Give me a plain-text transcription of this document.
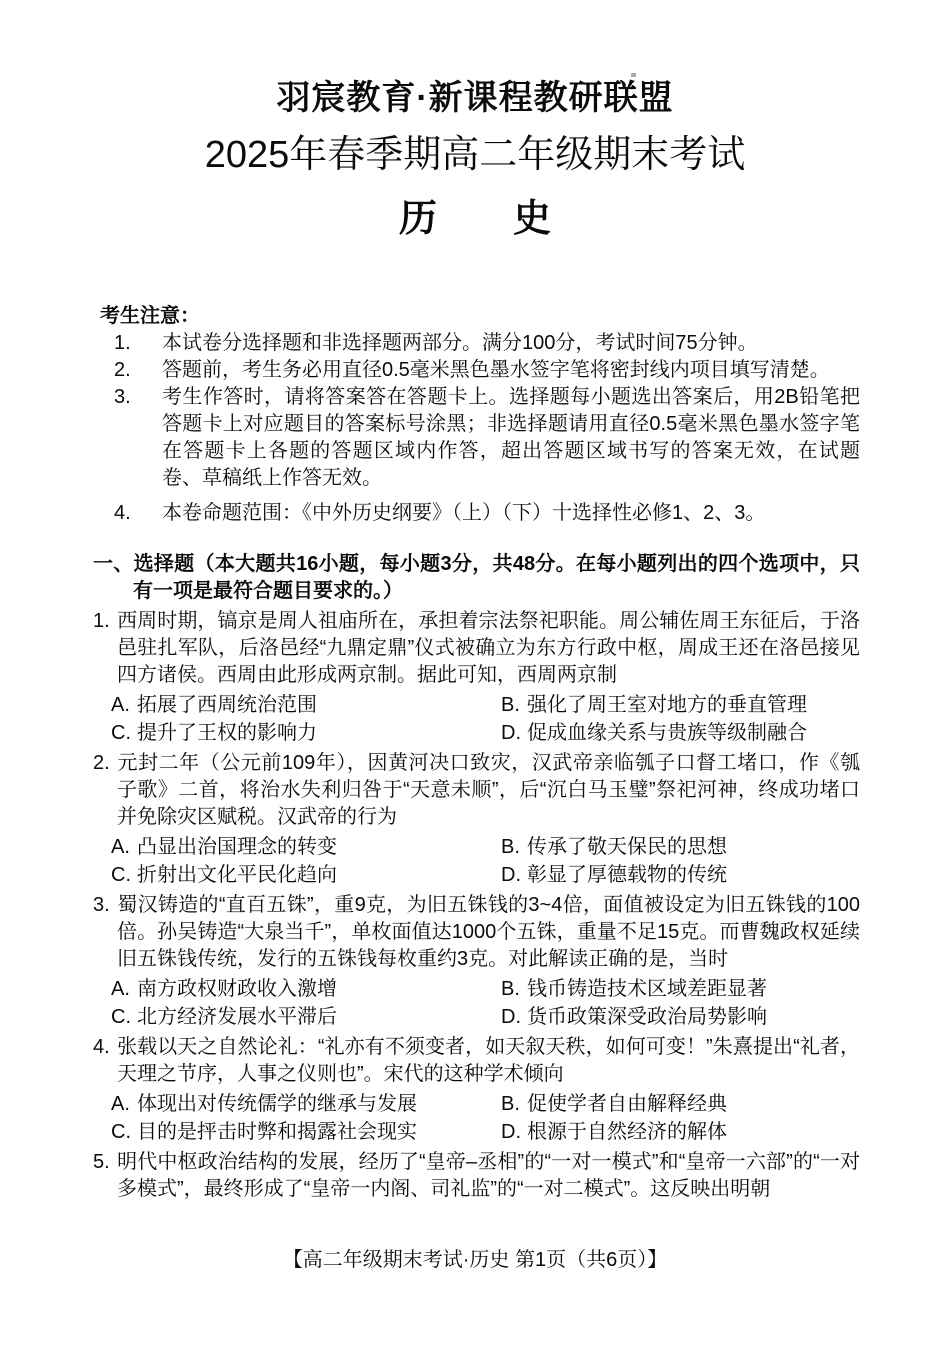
羽宸教育·新课程教研联盟
2025年春季期高二年级期末考试
历　　史
考生注意：
1. 本试卷分选择题和非选择题两部分。满分100分，考试时间75分钟。
2. 答题前，考生务必用直径0.5毫米黑色墨水签字笔将密封线内项目填写清楚。
3. 考生作答时，请将答案答在答题卡上。选择题每小题选出答案后，用2B铅笔把答题卡上对应题目的答案标号涂黑；非选择题请用直径0.5毫米黑色墨水签字笔在答题卡上各题的答题区域内作答，超出答题区域书写的答案无效，在试题卷、草稿纸上作答无效。
4. 本卷命题范围：《中外历史纲要》（上）（下）十选择性必修1、2、3。
一、选择题（本大题共16小题，每小题3分，共48分。在每小题列出的四个选项中，只有一项是最符合题目要求的。）
1. 西周时期，镐京是周人祖庙所在，承担着宗法祭祀职能。周公辅佐周王东征后，于洛邑驻扎军队，后洛邑经“九鼎定鼎”仪式被确立为东方行政中枢，周成王还在洛邑接见四方诸侯。西周由此形成两京制。据此可知，西周两京制
A. 拓展了西周统治范围	B. 强化了周王室对地方的垂直管理
C. 提升了王权的影响力	D. 促成血缘关系与贵族等级制融合
2. 元封二年（公元前109年），因黄河决口致灾，汉武帝亲临瓠子口督工堵口，作《瓠子歌》二首，将治水失利归咎于“天意未顺”，后“沉白马玉璧”祭祀河神，终成功堵口并免除灾区赋税。汉武帝的行为
A. 凸显出治国理念的转变	B. 传承了敬天保民的思想
C. 折射出文化平民化趋向	D. 彰显了厚德载物的传统
3. 蜀汉铸造的“直百五铢”，重9克，为旧五铢钱的3~4倍，面值被设定为旧五铢钱的100倍。孙吴铸造“大泉当千”，单枚面值达1000个五铢，重量不足15克。而曹魏政权延续旧五铢钱传统，发行的五铢钱每枚重约3克。对此解读正确的是，当时
A. 南方政权财政收入激增	B. 钱币铸造技术区域差距显著
C. 北方经济发展水平滞后	D. 货币政策深受政治局势影响
4. 张载以天之自然论礼：“礼亦有不须变者，如天叙天秩，如何可变！”朱熹提出“礼者，天理之节序，人事之仪则也”。宋代的这种学术倾向
A. 体现出对传统儒学的继承与发展	B. 促使学者自由解释经典
C. 目的是抨击时弊和揭露社会现实	D. 根源于自然经济的解体
5. 明代中枢政治结构的发展，经历了“皇帝–丞相”的“一对一模式”和“皇帝一六部”的“一对多模式”，最终形成了“皇帝一内阁、司礼监”的“一对二模式”。这反映出明朝
【高二年级期末考试·历史 第1页（共6页）】
